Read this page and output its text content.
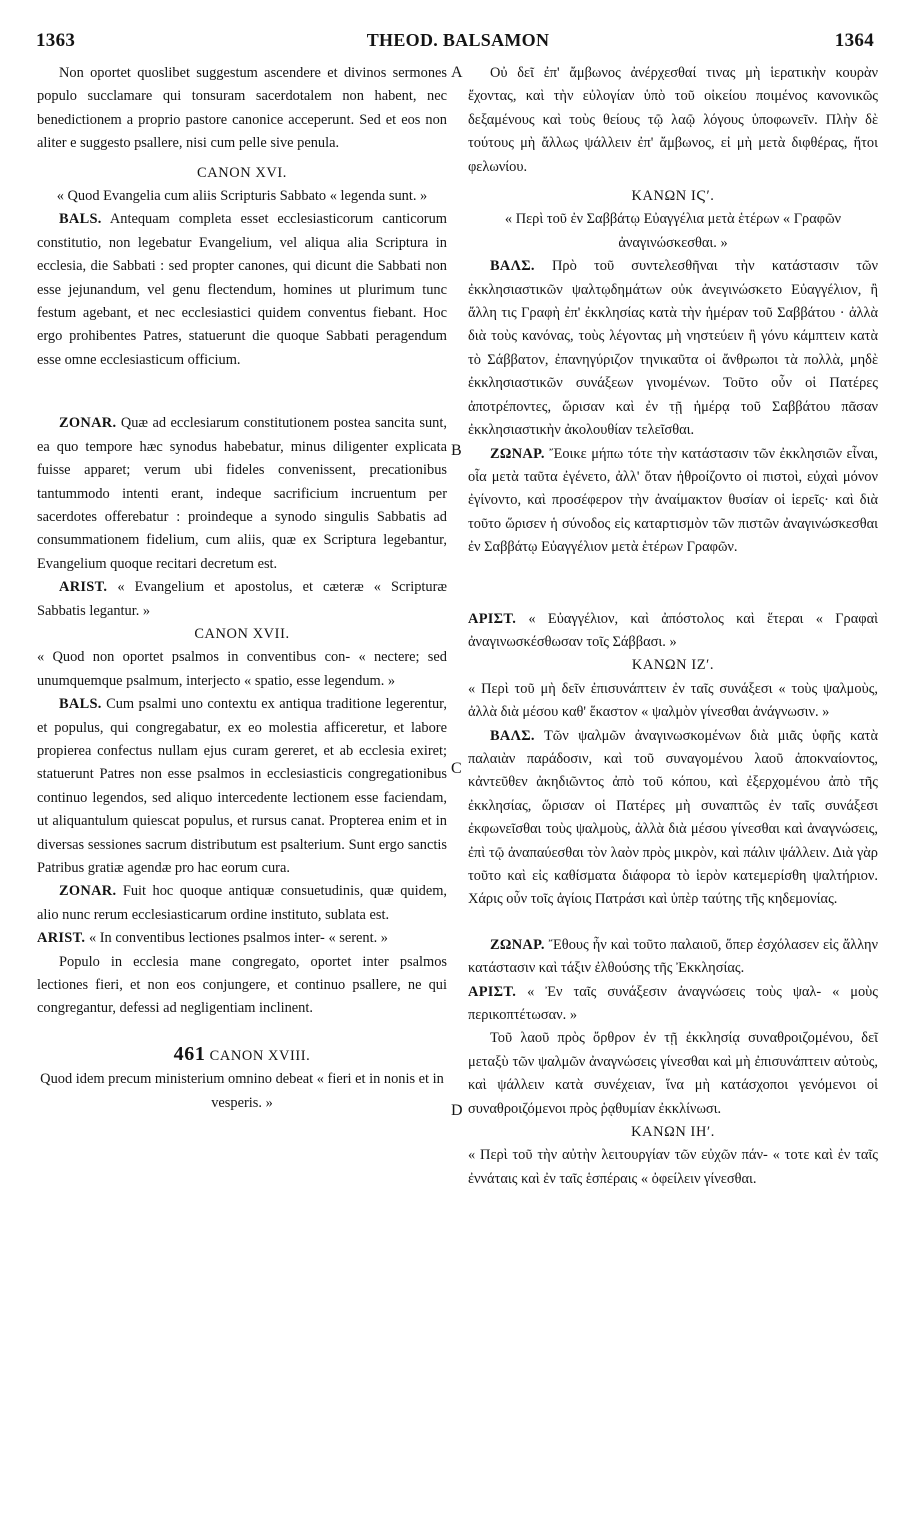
1363	THEOD. BALSAMON	1364
A
B
C
D

Non oportet quoslibet suggestum ascendere et divinos sermones populo succlamare qui tonsuram sacerdotalem non habent, nec benedictionem a proprio pastore canonice acceperunt. Sed et eos non aliter e suggesto psallere, nisi cum pelle sive penula.

CANON XVI.

« Quod Evangelia cum aliis Scripturis Sabbato « legenda sunt. »

BALS. Antequam completa esset ecclesiasticorum canticorum constitutio, non legebatur Evangelium, vel aliqua alia Scriptura in ecclesia, die Sabbati : sed propter canones, qui dicunt die Sabbati non esse jejunandum, vel genu flectendum, homines ut plurimum tunc festum agebant, et nec ecclesiastici quidem conventus fiebant. Hoc ergo prohibentes Patres, statuerunt die quoque Sabbati peragendum esse omne ecclesiasticum officium.

ZONAR. Quæ ad ecclesiarum constitutionem postea sancita sunt, ea quo tempore hæc synodus habebatur, minus diligenter explicata fuisse apparet; verum ubi fideles convenissent, precationibus tantummodo intenti erant, indeque sacrificium incruentum per sacerdotes offerebatur : proindeque a synodo singulis Sabbatis ad consummationem fidelium, cum aliis, quæ ex Scriptura legebantur, Evangelium quoque recitari decretum est.

ARIST. « Evangelium et apostolus, et cæteræ « Scripturæ Sabbatis legantur. »

CANON XVII.

« Quod non oportet psalmos in conventibus con- « nectere; sed unumquemque psalmum, interjecto « spatio, esse legendum. »

BALS. Cum psalmi uno contextu ex antiqua traditione legerentur, et populus, qui congregabatur, ex eo molestia afficeretur, et labore propierea confectus nullam ejus curam gereret, et ab ecclesia exiret; statuerunt Patres non esse psalmos in ecclesiasticis congregationibus continuo legendos, sed aliquo intercedente lectionem esse faciendam, ut aliquantulum quiescat populus, et rursus canat. Propterea enim et in diversas sessiones sacrum distributum est psalterium. Sunt ergo sanctis Patribus gratiæ agendæ pro hac eorum cura.

ZONAR. Fuit hoc quoque antiquæ consuetudinis, quæ quidem, alio nunc rerum ecclesiasticarum ordine instituto, sublata est.

ARIST. « In conventibus lectiones psalmos inter- « serent. »

Populo in ecclesia mane congregato, oportet inter psalmos lectiones fieri, et non eos conjungere, et continuo psallere, ne qui congregantur, defessi ad negligentiam inclinent.

461 CANON XVIII.

Quod idem precum ministerium omnino debeat « fieri et in nonis et in vesperis. »

Οὐ δεῖ ἐπ' ἄμβωνος ἀνέρχεσθαί τινας μὴ ἱερατικὴν κουρὰν ἔχοντας, καὶ τὴν εὐλογίαν ὑπὸ τοῦ οἰκείου ποιμένος κανονικῶς δεξαμένους καὶ τοὺς θείους τῷ λαῷ λόγους ὑποφωνεῖν. Πλὴν δὲ τούτους μὴ ἄλλως ψάλλειν ἐπ' ἄμβωνος, εἰ μὴ μετὰ διφθέρας, ἤτοι φελωνίου.

ΚΑΝΩΝ ΙϚʹ.

« Περὶ τοῦ ἐν Σαββάτῳ Εὐαγγέλια μετὰ ἑτέρων « Γραφῶν ἀναγινώσκεσθαι. »

ΒΑΛΣ. Πρὸ τοῦ συντελεσθῆναι τὴν κατάστασιν τῶν ἐκκλησιαστικῶν ψαλτῳδημάτων οὐκ ἀνεγινώσκετο Εὐαγγέλιον, ἢ ἄλλη τις Γραφὴ ἐπ' ἐκκλησίας κατὰ τὴν ἡμέραν τοῦ Σαββάτου · ἀλλὰ διὰ τοὺς κανόνας, τοὺς λέγοντας μὴ νηστεύειν ἢ γόνυ κάμπτειν κατὰ τὸ Σάββατον, ἐπανηγύριζον τηνικαῦτα οἱ ἄνθρωποι τὰ πολλὰ, μηδὲ ἐκκλησιαστικῶν συνάξεων γινομένων. Τοῦτο οὖν οἱ Πατέρες ἀποτρέποντες, ὥρισαν καὶ ἐν τῇ ἡμέρᾳ τοῦ Σαββάτου πᾶσαν ἐκκλησιαστικὴν ἀκολουθίαν τελεῖσθαι.

ΖΩΝΑΡ. Ἔοικε μήπω τότε τὴν κατάστασιν τῶν ἐκκλησιῶν εἶναι, οἷα μετὰ ταῦτα ἐγένετο, ἀλλ' ὅταν ἠθροίζοντο οἱ πιστοὶ, εὐχαὶ μόνον ἐγίνοντο, καὶ προσέφερον τὴν ἀναίμακτον θυσίαν οἱ ἱερεῖς· καὶ διὰ τοῦτο ὥρισεν ἡ σύνοδος εἰς καταρτισμὸν τῶν πιστῶν ἀναγινώσκεσθαι ἐν Σαββάτῳ Εὐαγγέλιον μετὰ ἑτέρων Γραφῶν.

ΑΡΙΣΤ. « Εὐαγγέλιον, καὶ ἀπόστολος καὶ ἕτεραι « Γραφαὶ ἀναγινωσκέσθωσαν τοῖς Σάββασι. »

ΚΑΝΩΝ ΙΖʹ.

« Περὶ τοῦ μὴ δεῖν ἐπισυνάπτειν ἐν ταῖς συνάξεσι « τοὺς ψαλμοὺς, ἀλλὰ διὰ μέσου καθ' ἕκαστον « ψαλμὸν γίνεσθαι ἀνάγνωσιν. »

ΒΑΛΣ. Τῶν ψαλμῶν ἀναγινωσκομένων διὰ μιᾶς ὑφῆς κατὰ παλαιὰν παράδοσιν, καὶ τοῦ συναγομένου λαοῦ ἀποκναίοντος, κἀντεῦθεν ἀκηδιῶντος ἀπὸ τοῦ κόπου, καὶ ἐξερχομένου ἀπὸ τῆς ἐκκλησίας, ὥρισαν οἱ Πατέρες μὴ συναπτῶς ἐν ταῖς συνάξεσι ἐκφωνεῖσθαι τοὺς ψαλμοὺς, ἀλλὰ διὰ μέσου γίνεσθαι καὶ ἀναγνώσεις, ἐπὶ τῷ ἀναπαύεσθαι τὸν λαὸν πρὸς μικρὸν, καὶ πάλιν ψάλλειν. Διὰ γὰρ τοῦτο καὶ εἰς καθίσματα διάφορα τὸ ἱερὸν κατεμερίσθη ψαλτήριον. Χάρις οὖν τοῖς ἁγίοις Πατράσι καὶ ὑπὲρ ταύτης τῆς κηδεμονίας.

ΖΩΝΑΡ. Ἔθους ἦν καὶ τοῦτο παλαιοῦ, ὅπερ ἐσχόλασεν εἰς ἄλλην κατάστασιν καὶ τάξιν ἐλθούσης τῆς Ἐκκλησίας.

ΑΡΙΣΤ. « Ἐν ταῖς συνάξεσιν ἀναγνώσεις τοὺς ψαλ- « μοὺς περικοπτέτωσαν. »

Τοῦ λαοῦ πρὸς ὄρθρον ἐν τῇ ἐκκλησίᾳ συναθροιζομένου, δεῖ μεταξὺ τῶν ψαλμῶν ἀναγνώσεις γίνεσθαι καὶ μὴ ἐπισυνάπτειν αὐτοὺς, καὶ ψάλλειν κατὰ συνέχειαν, ἵνα μὴ κατάσχοποι γενόμενοι οἱ συναθροιζόμενοι πρὸς ῥᾳθυμίαν ἐκκλίνωσι.

ΚΑΝΩΝ ΙΗʹ.

« Περὶ τοῦ τὴν αὐτὴν λειτουργίαν τῶν εὐχῶν πάν- « τοτε καὶ ἐν ταῖς ἐννάταις καὶ ἐν ταῖς ἑσπέραις « ὀφείλειν γίνεσθαι.
